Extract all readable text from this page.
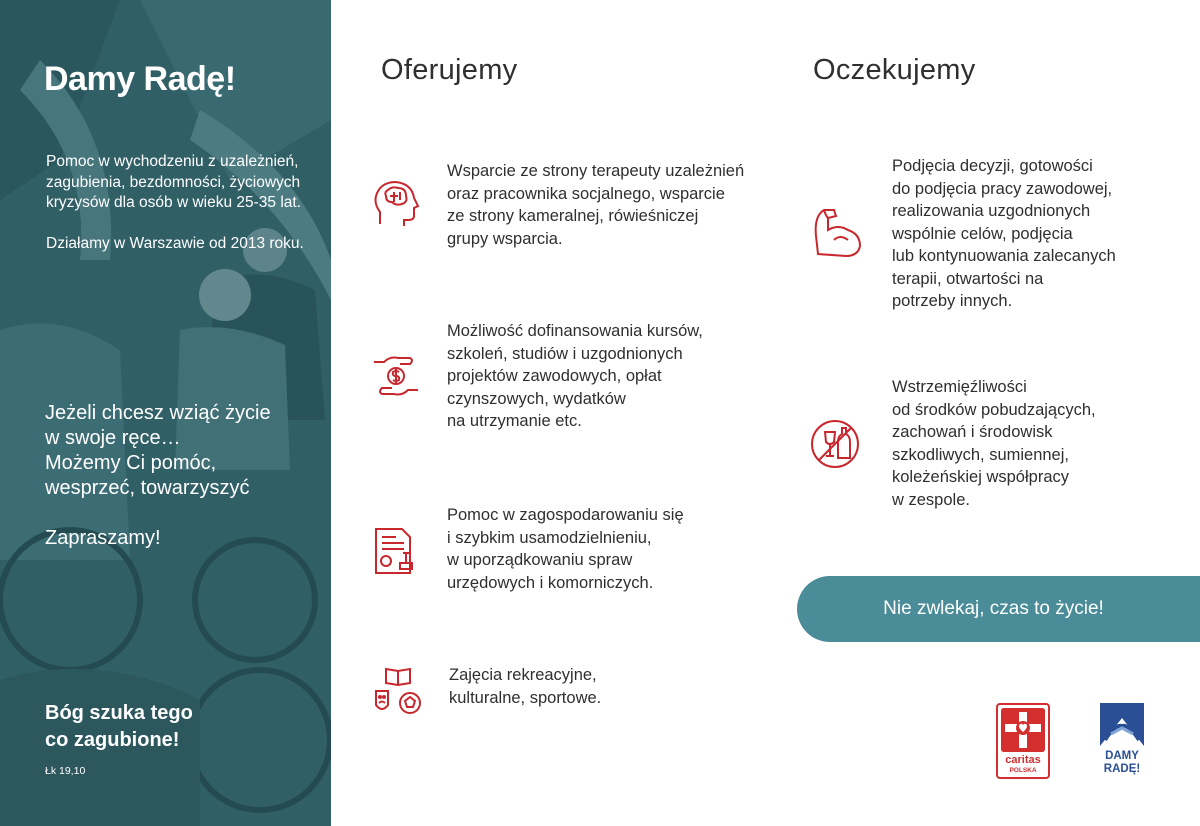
Damy Radę!

Pomoc w wychodzeniu z uzależnień, zagubienia, bezdomności, życiowych kryzysów dla osób w wieku 25-35 lat.

Działamy w Warszawie od 2013 roku.

Jeżeli chcesz wziąć życie
w swoje ręce…
Możemy Ci pomóc,
wesprzeć, towarzyszyć
Zapraszamy!
Bóg szuka tego
co zagubione!
Łk 19,10
Oferujemy
Wsparcie ze strony terapeuty uzależnień
oraz pracownika socjalnego, wsparcie
ze strony kameralnej, rówieśniczej
grupy wsparcia.
Możliwość dofinansowania kursów,
szkoleń, studiów i uzgodnionych
projektów zawodowych, opłat
czynszowych, wydatków
na utrzymanie etc.
Pomoc w zagospodarowaniu się
i szybkim usamodzielnieniu,
w uporządkowaniu spraw
urzędowych i komorniczych.
Zajęcia rekreacyjne,
kulturalne, sportowe.
Oczekujemy
Podjęcia decyzji, gotowości
do podjęcia pracy zawodowej,
realizowania uzgodnionych
wspólnie celów, podjęcia
lub kontynuowania zalecanych
terapii, otwartości na
potrzeby innych.
Wstrzemięźliwości
od środków pobudzających,
zachowań i środowisk
szkodliwych, sumiennej,
koleżeńskiej współpracy
w zespole.
Nie zwlekaj, czas to życie!
caritas
POLSKA
DAMY
RADĘ!
